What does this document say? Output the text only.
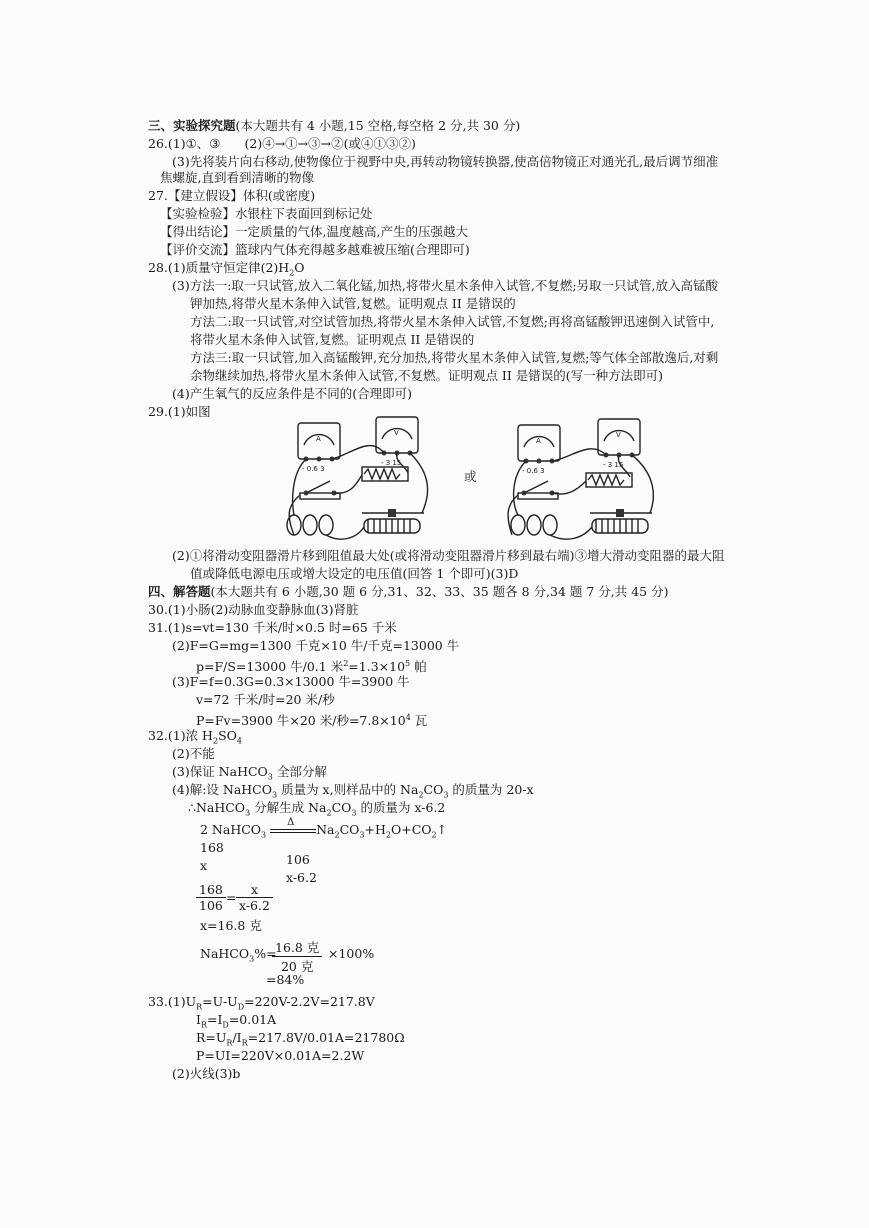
三、实验探究题(本大题共有 4 小题,15 空格,每空格 2 分,共 30 分)
26.(1)①、③ (2)④→①→③→②(或④①③②)
(3)先将装片向右移动,使物像位于视野中央,再转动物镜转换器,使高倍物镜正对通光孔,最后调节细准
焦螺旋,直到看到清晰的物像
27.【建立假设】体积(或密度)
【实验检验】水银柱下表面回到标记处
【得出结论】一定质量的气体,温度越高,产生的压强越大
【评价交流】篮球内气体充得越多越难被压缩(合理即可)
28.(1)质量守恒定律$(2)H_2O$
(3)方法一:取一只试管,放入二氧化锰,加热,将带火星木条伸入试管,不复燃;另取一只试管,放入高锰酸
钾加热,将带火星木条伸入试管,复燃。证明观点 II 是错误的
方法二:取一只试管,对空试管加热,将带火星木条伸入试管,不复燃;再将高锰酸钾迅速倒入试管中,
将带火星木条伸入试管,复燃。证明观点 II 是错误的
方法三:取一只试管,加入高锰酸钾,充分加热,将带火星木条伸入试管,复燃;等气体全部散逸后,对剩
余物继续加热,将带火星木条伸入试管,不复燃。证明观点 II 是错误的(写一种方法即可)
(4)产生氧气的反应条件是不同的(合理即可)
29.(1)如图
A
- 0.6 3
V
- 3 15
或
A
- 0.6 3
V
- 3 15
(2)①将滑动变阻器滑片移到阻值最大处(或将滑动变阻器滑片移到最右端)③增大滑动变阻器的最大阻
值或降低电源电压或增大设定的电压值(回答 1 个即可)(3)D
四、解答题(本大题共有 6 小题,30 题 6 分,31、32、33、35 题各 8 分,34 题 7 分,共 45 分)
30.(1)小肠(2)动脉血变静脉血(3)肾脏
31.(1)s=vt=130 千米/时×0.5 时=65 千米
(2)F=G=mg=1300 千克×10 牛/千克=13000 牛
p=F/S=13000 牛/0.1 米$^2=1.3\times 10^5$ 帕
(3)F=f=0.3G=0.3×13000 牛=3900 牛
v=72 千米/时=20 米/秒
P=Fv=3900 牛×20 米/秒$=7.8\times 10^4$ 瓦
32.(1)浓 $H_2SO_4$
(2)不能
(3)保证 NaHCO$_3$ 全部分解
(4)解:设 NaHCO$_3$ 质量为 x,则样品中的 $Na_2CO_3$ 的质量为 20-x
∴NaHCO$_3$ 分解生成 $Na_2CO_3$ 的质量为 x-6.2
2 NaHCO$_3$
Δ $Na_2CO_3+H_2O+CO_2↑$
168
106
x
x-6.2
$\frac{168}{106} = \frac{x}{x-6.2}$
x=16.8 克
NaHCO$_3$%=
16.8 克
20 克
×100%
=84%
$33.(1)U_R=U-U_D=220V-2.2V=217.8V$
$I_R=I_D=0.01A$
$R=U_R/I_R=217.8V/0.01A=21780\Omega$
P=UI=220V×0.01A=2.2W
(2)火线(3)b
